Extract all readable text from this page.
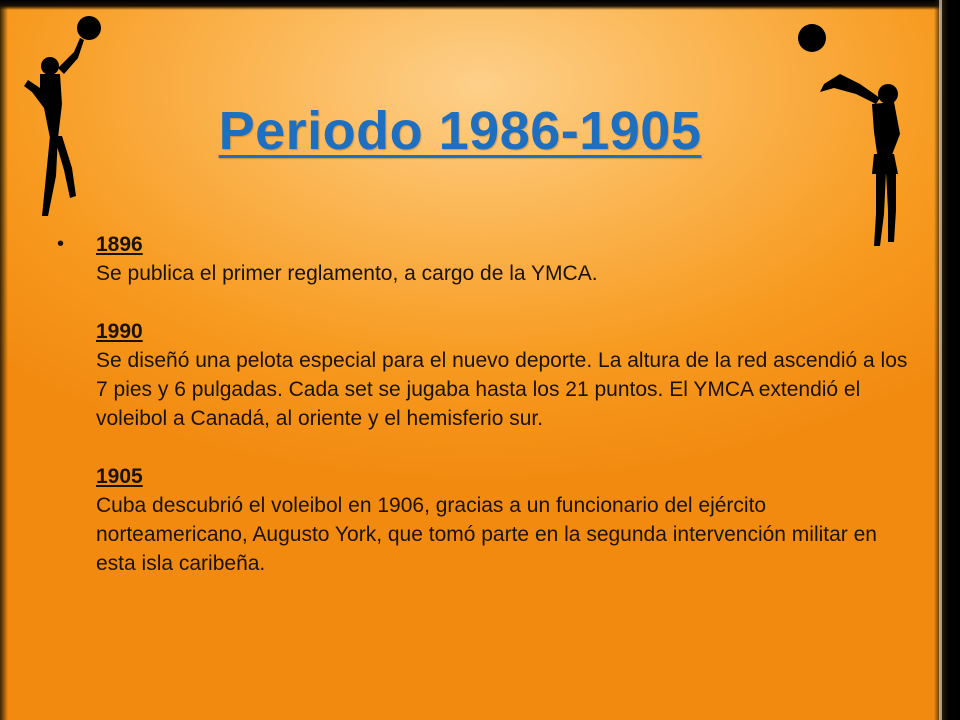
Periodo 1986-1905
• 1896
Se publica el primer reglamento, a cargo de la YMCA.
1990
Se diseñó una pelota especial para el nuevo deporte. La altura de la red ascendió a los 7 pies y 6 pulgadas. Cada set se jugaba hasta los 21 puntos. El YMCA extendió el voleibol a Canadá, al oriente y el hemisferio sur.
1905
Cuba descubrió el voleibol en 1906, gracias a un funcionario del ejército norteamericano, Augusto York, que tomó parte en la segunda intervención militar en esta isla caribeña.
